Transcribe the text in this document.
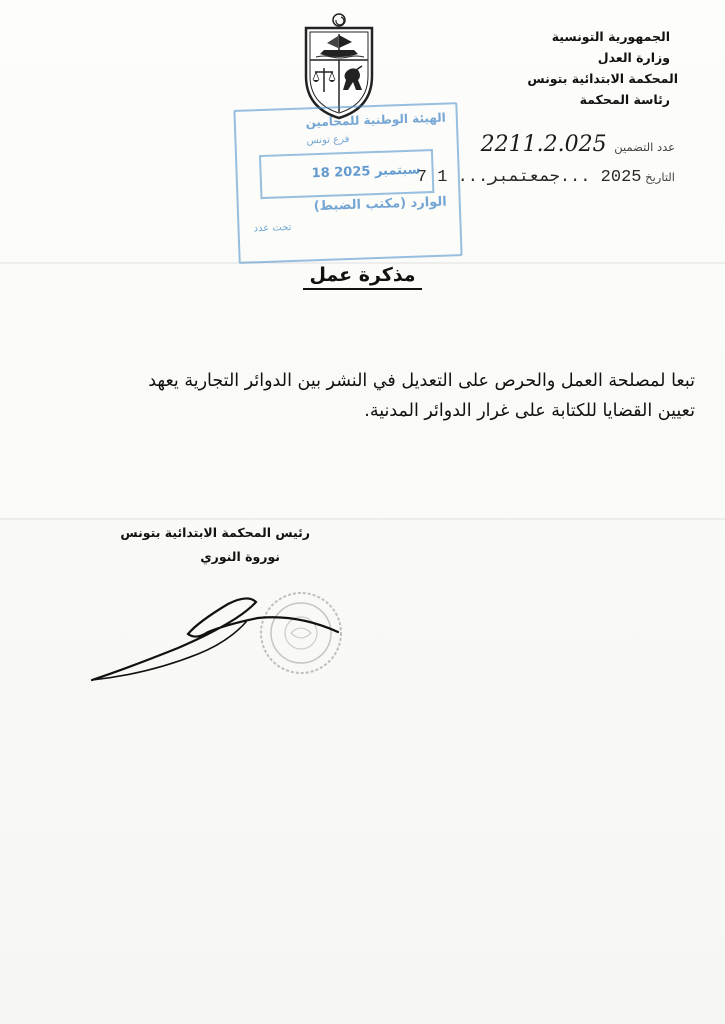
الجمهورية التونسية
وزارة العدل
المحكمة الابتدائية بتونس
رئاسة المحكمة
عدد التضمين 2211.2.025
التاريخ 2025 ...جمعتمبر... 1 7
الهيئة الوطنية للمحامين
فرع تونس
18 سبتمبر 2025
الوارد (مكتب الضبط)
تحت عدد
مذكرة عمل

تبعا لمصلحة العمل والحرص على التعديل في النشر بين الدوائر التجارية يعهد

تعيين القضايا للكتابة على غرار الدوائر المدنية.

رئيس المحكمة الابتدائية بتونس
نوروة النوري
